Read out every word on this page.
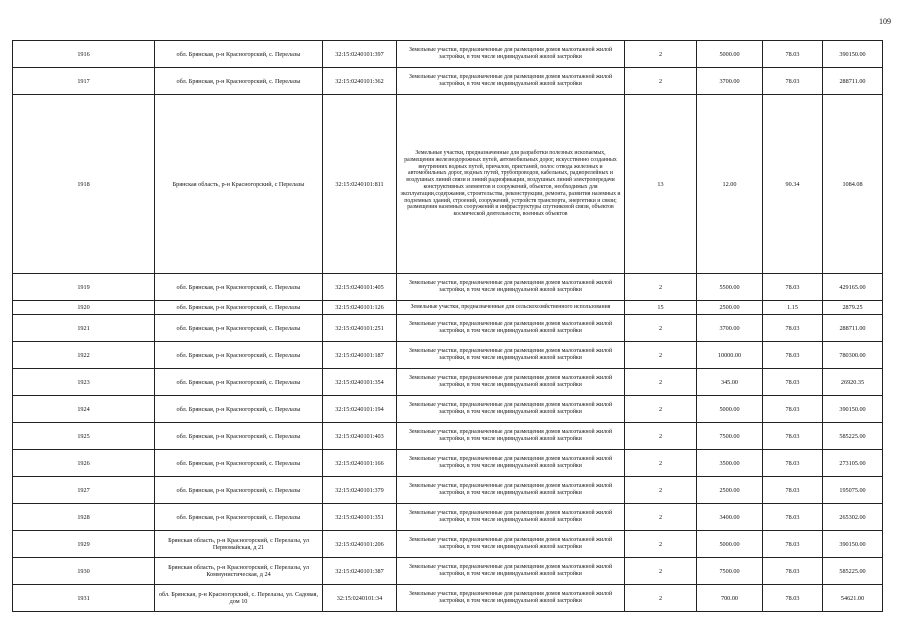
109
1916	обл. Брянская, р-н Красногорский, с. Перелазы	32:15:0240101:397	Земельные участки, предназначенные для размещения домов малоэтажной жилой застройки, в том числе индивидуальной жилой застройки	2	5000.00	78.03	390150.00
1917	обл. Брянская, р-н Красногорский, с. Перелазы	32:15:0240101:362	Земельные участки, предназначенные для размещения домов малоэтажной жилой застройки, в том числе индивидуальной жилой застройки	2	3700.00	78.03	288711.00
1918	Брянская область, р-н Красногорский, с Перелазы	32:15:0240101:811	Земельные участки, предназначенные для разработки полезных ископаемых, размещения железнодорожных путей, автомобильных дорог, искусственно созданных внутренних водных путей, причалов, пристаней, полос отвода железных и автомобильных дорог, водных путей, трубопроводов, кабельных, радиорелейных и воздушных линий связи и линий радиофикации, воздушных линий электропередачи конструктивных элементов и сооружений, объектов, необходимых для эксплуатации,содержания, строительства, реконструкции, ремонта, развития наземных и подземных зданий, строений, сооружений, устройств транспорта, энергетики и связи; размещения наземных сооружений и инфраструктуры спутниковой связи, объектов космической деятельности, военных объектов	13	12.00	90.34	1084.08
1919	обл. Брянская, р-н Красногорский, с. Перелазы	32:15:0240101:405	Земельные участки, предназначенные для размещения домов малоэтажной жилой застройки, в том числе индивидуальной жилой застройки	2	5500.00	78.03	429165.00
1920	обл. Брянская, р-н Красногорский, с. Перелазы	32:15:0240101:126	Земельные участки, предназначенные для сельскохозяйственного использования	15	2500.00	1.15	2879.25
1921	обл. Брянская, р-н Красногорский, с. Перелазы	32:15:0240101:251	Земельные участки, предназначенные для размещения домов малоэтажной жилой застройки, в том числе индивидуальной жилой застройки	2	3700.00	78.03	288711.00
1922	обл. Брянская, р-н Красногорский, с. Перелазы	32:15:0240101:187	Земельные участки, предназначенные для размещения домов малоэтажной жилой застройки, в том числе индивидуальной жилой застройки	2	10000.00	78.03	780300.00
1923	обл. Брянская, р-н Красногорский, с. Перелазы	32:15:0240101:354	Земельные участки, предназначенные для размещения домов малоэтажной жилой застройки, в том числе индивидуальной жилой застройки	2	345.00	78.03	26920.35
1924	обл. Брянская, р-н Красногорский, с. Перелазы	32:15:0240101:194	Земельные участки, предназначенные для размещения домов малоэтажной жилой застройки, в том числе индивидуальной жилой застройки	2	5000.00	78.03	390150.00
1925	обл. Брянская, р-н Красногорский, с. Перелазы	32:15:0240101:403	Земельные участки, предназначенные для размещения домов малоэтажной жилой застройки, в том числе индивидуальной жилой застройки	2	7500.00	78.03	585225.00
1926	обл. Брянская, р-н Красногорский, с. Перелазы	32:15:0240101:166	Земельные участки, предназначенные для размещения домов малоэтажной жилой застройки, в том числе индивидуальной жилой застройки	2	3500.00	78.03	273105.00
1927	обл. Брянская, р-н Красногорский, с. Перелазы	32:15:0240101:379	Земельные участки, предназначенные для размещения домов малоэтажной жилой застройки, в том числе индивидуальной жилой застройки	2	2500.00	78.03	195075.00
1928	обл. Брянская, р-н Красногорский, с. Перелазы	32:15:0240101:351	Земельные участки, предназначенные для размещения домов малоэтажной жилой застройки, в том числе индивидуальной жилой застройки	2	3400.00	78.03	265302.00
1929	Брянская область, р-н Красногорский, с Перелазы, ул Первомайская, д 21	32:15:0240101:206	Земельные участки, предназначенные для размещения домов малоэтажной жилой застройки, в том числе индивидуальной жилой застройки	2	5000.00	78.03	390150.00
1930	Брянская область, р-н Красногорский, с Перелазы, ул Коммунистическая, д 24	32:15:0240101:387	Земельные участки, предназначенные для размещения домов малоэтажной жилой застройки, в том числе индивидуальной жилой застройки	2	7500.00	78.03	585225.00
1931	обл. Брянская, р-н Красногорский, с. Перелазы, ул. Садовая, дом 10	32:15:0240101:34	Земельные участки, предназначенные для размещения домов малоэтажной жилой застройки, в том числе индивидуальной жилой застройки	2	700.00	78.03	54621.00
